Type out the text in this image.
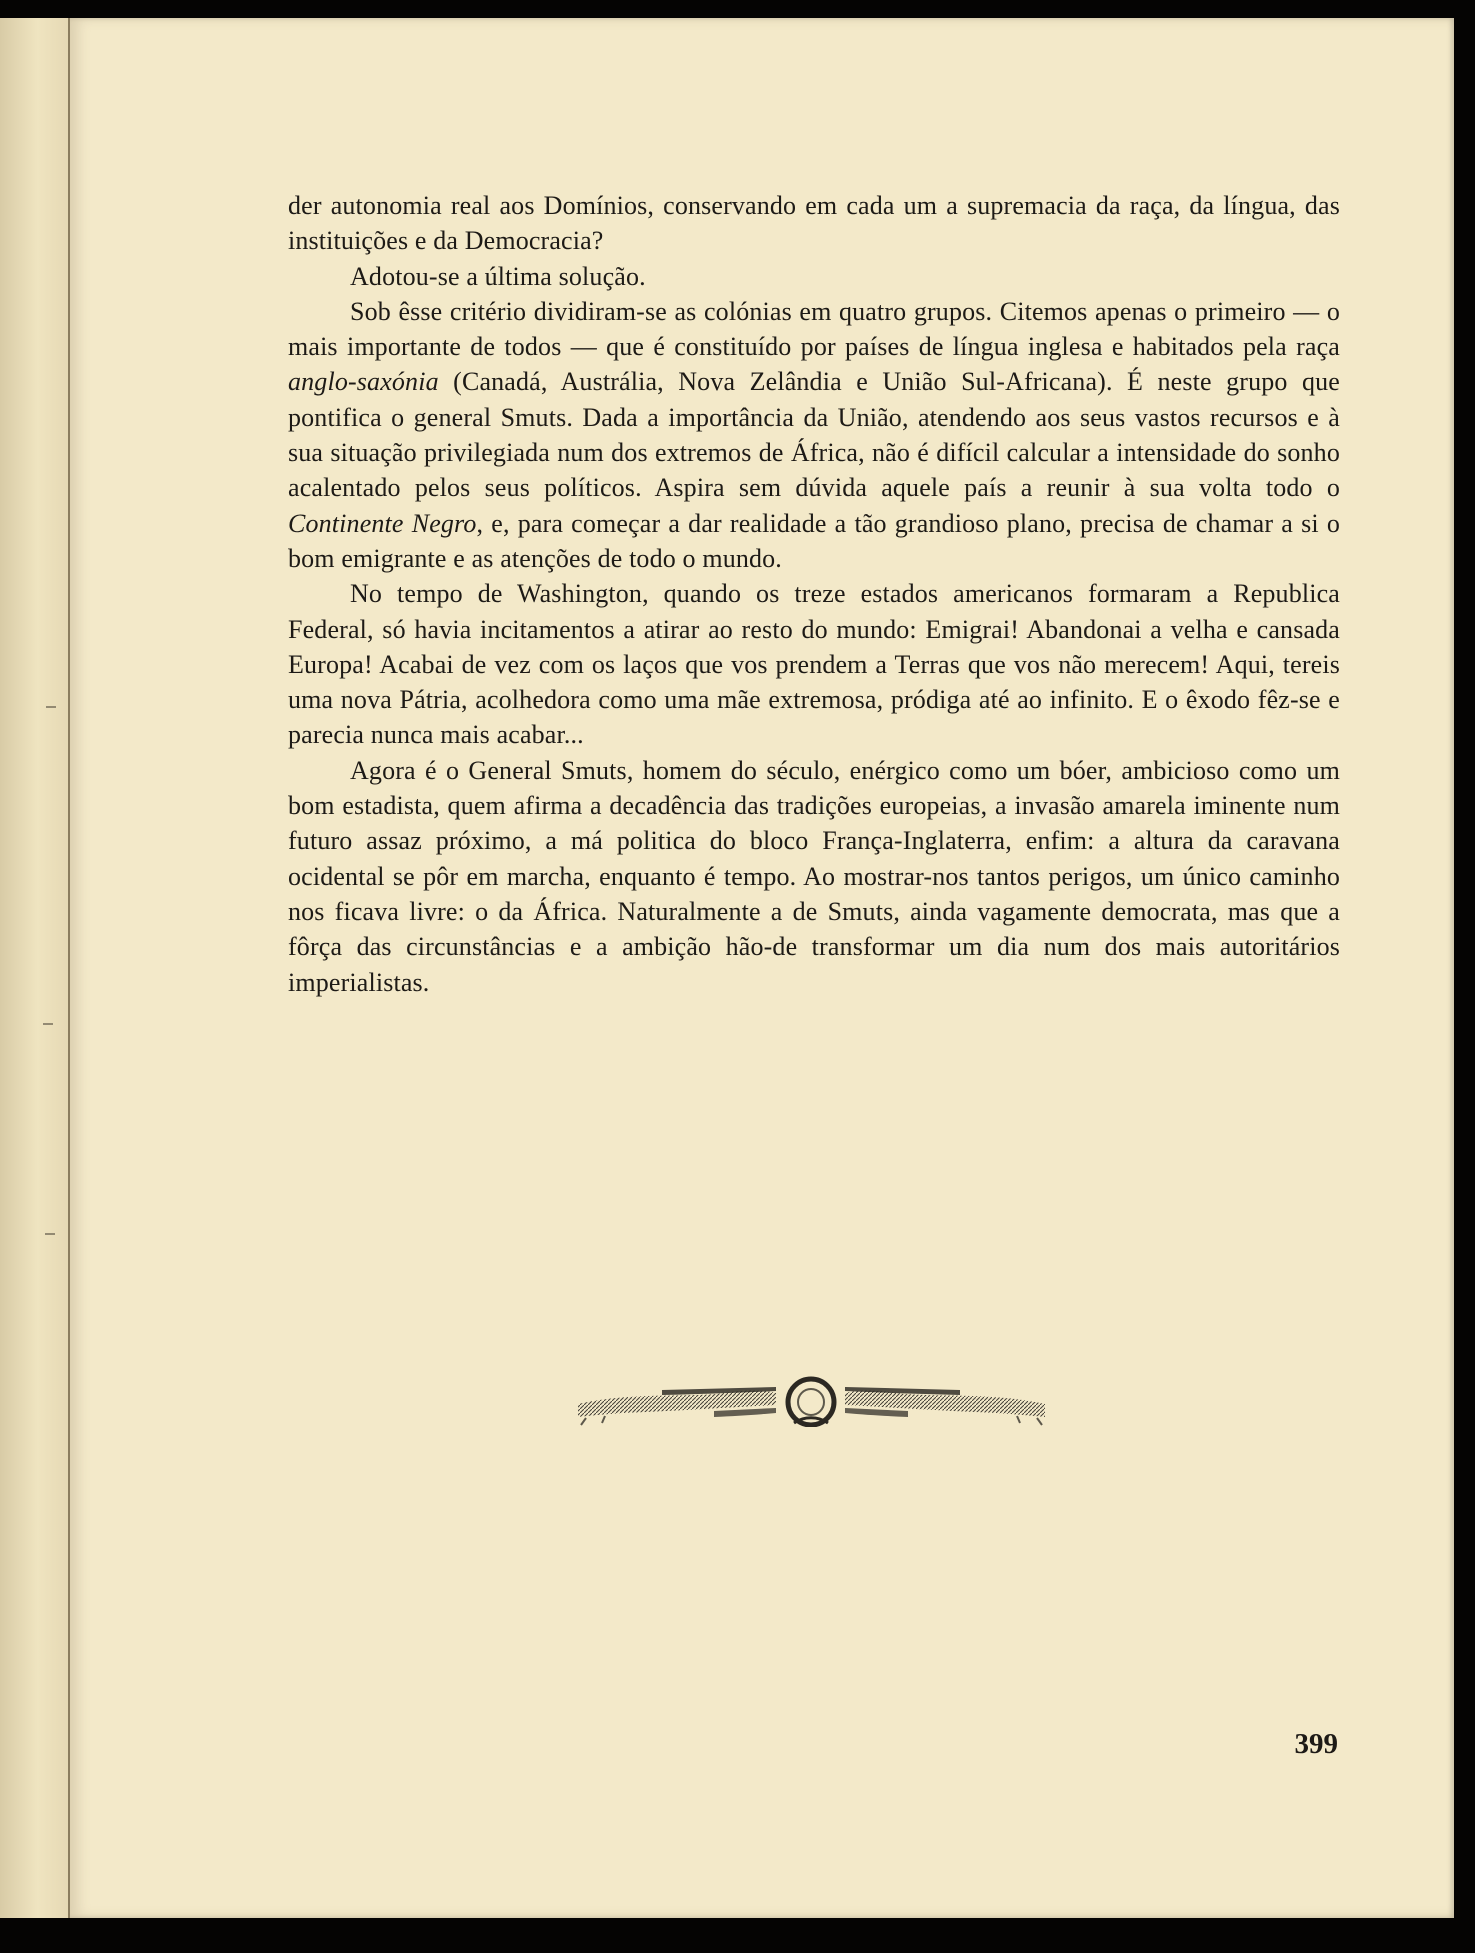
der autonomia real aos Domínios, conservando em cada um a supremacia da raça, da língua, das instituições e da Democracia?

Adotou-se a última solução.

Sob êsse critério dividiram-se as colónias em quatro grupos. Citemos apenas o primeiro — o mais importante de todos — que é constituído por países de língua inglesa e habitados pela raça anglo-saxónia (Canadá, Austrália, Nova Zelândia e União Sul-Africana). É neste grupo que pontifica o general Smuts. Dada a importância da União, atendendo aos seus vastos recursos e à sua situação privilegiada num dos extremos de África, não é difícil calcular a intensidade do sonho acalentado pelos seus políticos. Aspira sem dúvida aquele país a reunir à sua volta todo o Continente Negro, e, para começar a dar realidade a tão grandioso plano, precisa de chamar a si o bom emigrante e as atenções de todo o mundo.

No tempo de Washington, quando os treze estados americanos formaram a Republica Federal, só havia incitamentos a atirar ao resto do mundo: Emigrai! Abandonai a velha e cansada Europa! Acabai de vez com os laços que vos prendem a Terras que vos não merecem! Aqui, tereis uma nova Pátria, acolhedora como uma mãe extremosa, pródiga até ao infinito. E o êxodo fêz-se e parecia nunca mais acabar...

Agora é o General Smuts, homem do século, enérgico como um bóer, ambicioso como um bom estadista, quem afirma a decadência das tradições europeias, a invasão amarela iminente num futuro assaz próximo, a má politica do bloco França-Inglaterra, enfim: a altura da caravana ocidental se pôr em marcha, enquanto é tempo. Ao mostrar-nos tantos perigos, um único caminho nos ficava livre: o da África. Naturalmente a de Smuts, ainda vagamente democrata, mas que a fôrça das circunstâncias e a ambição hão-de transformar um dia num dos mais autoritários imperialistas.

399
